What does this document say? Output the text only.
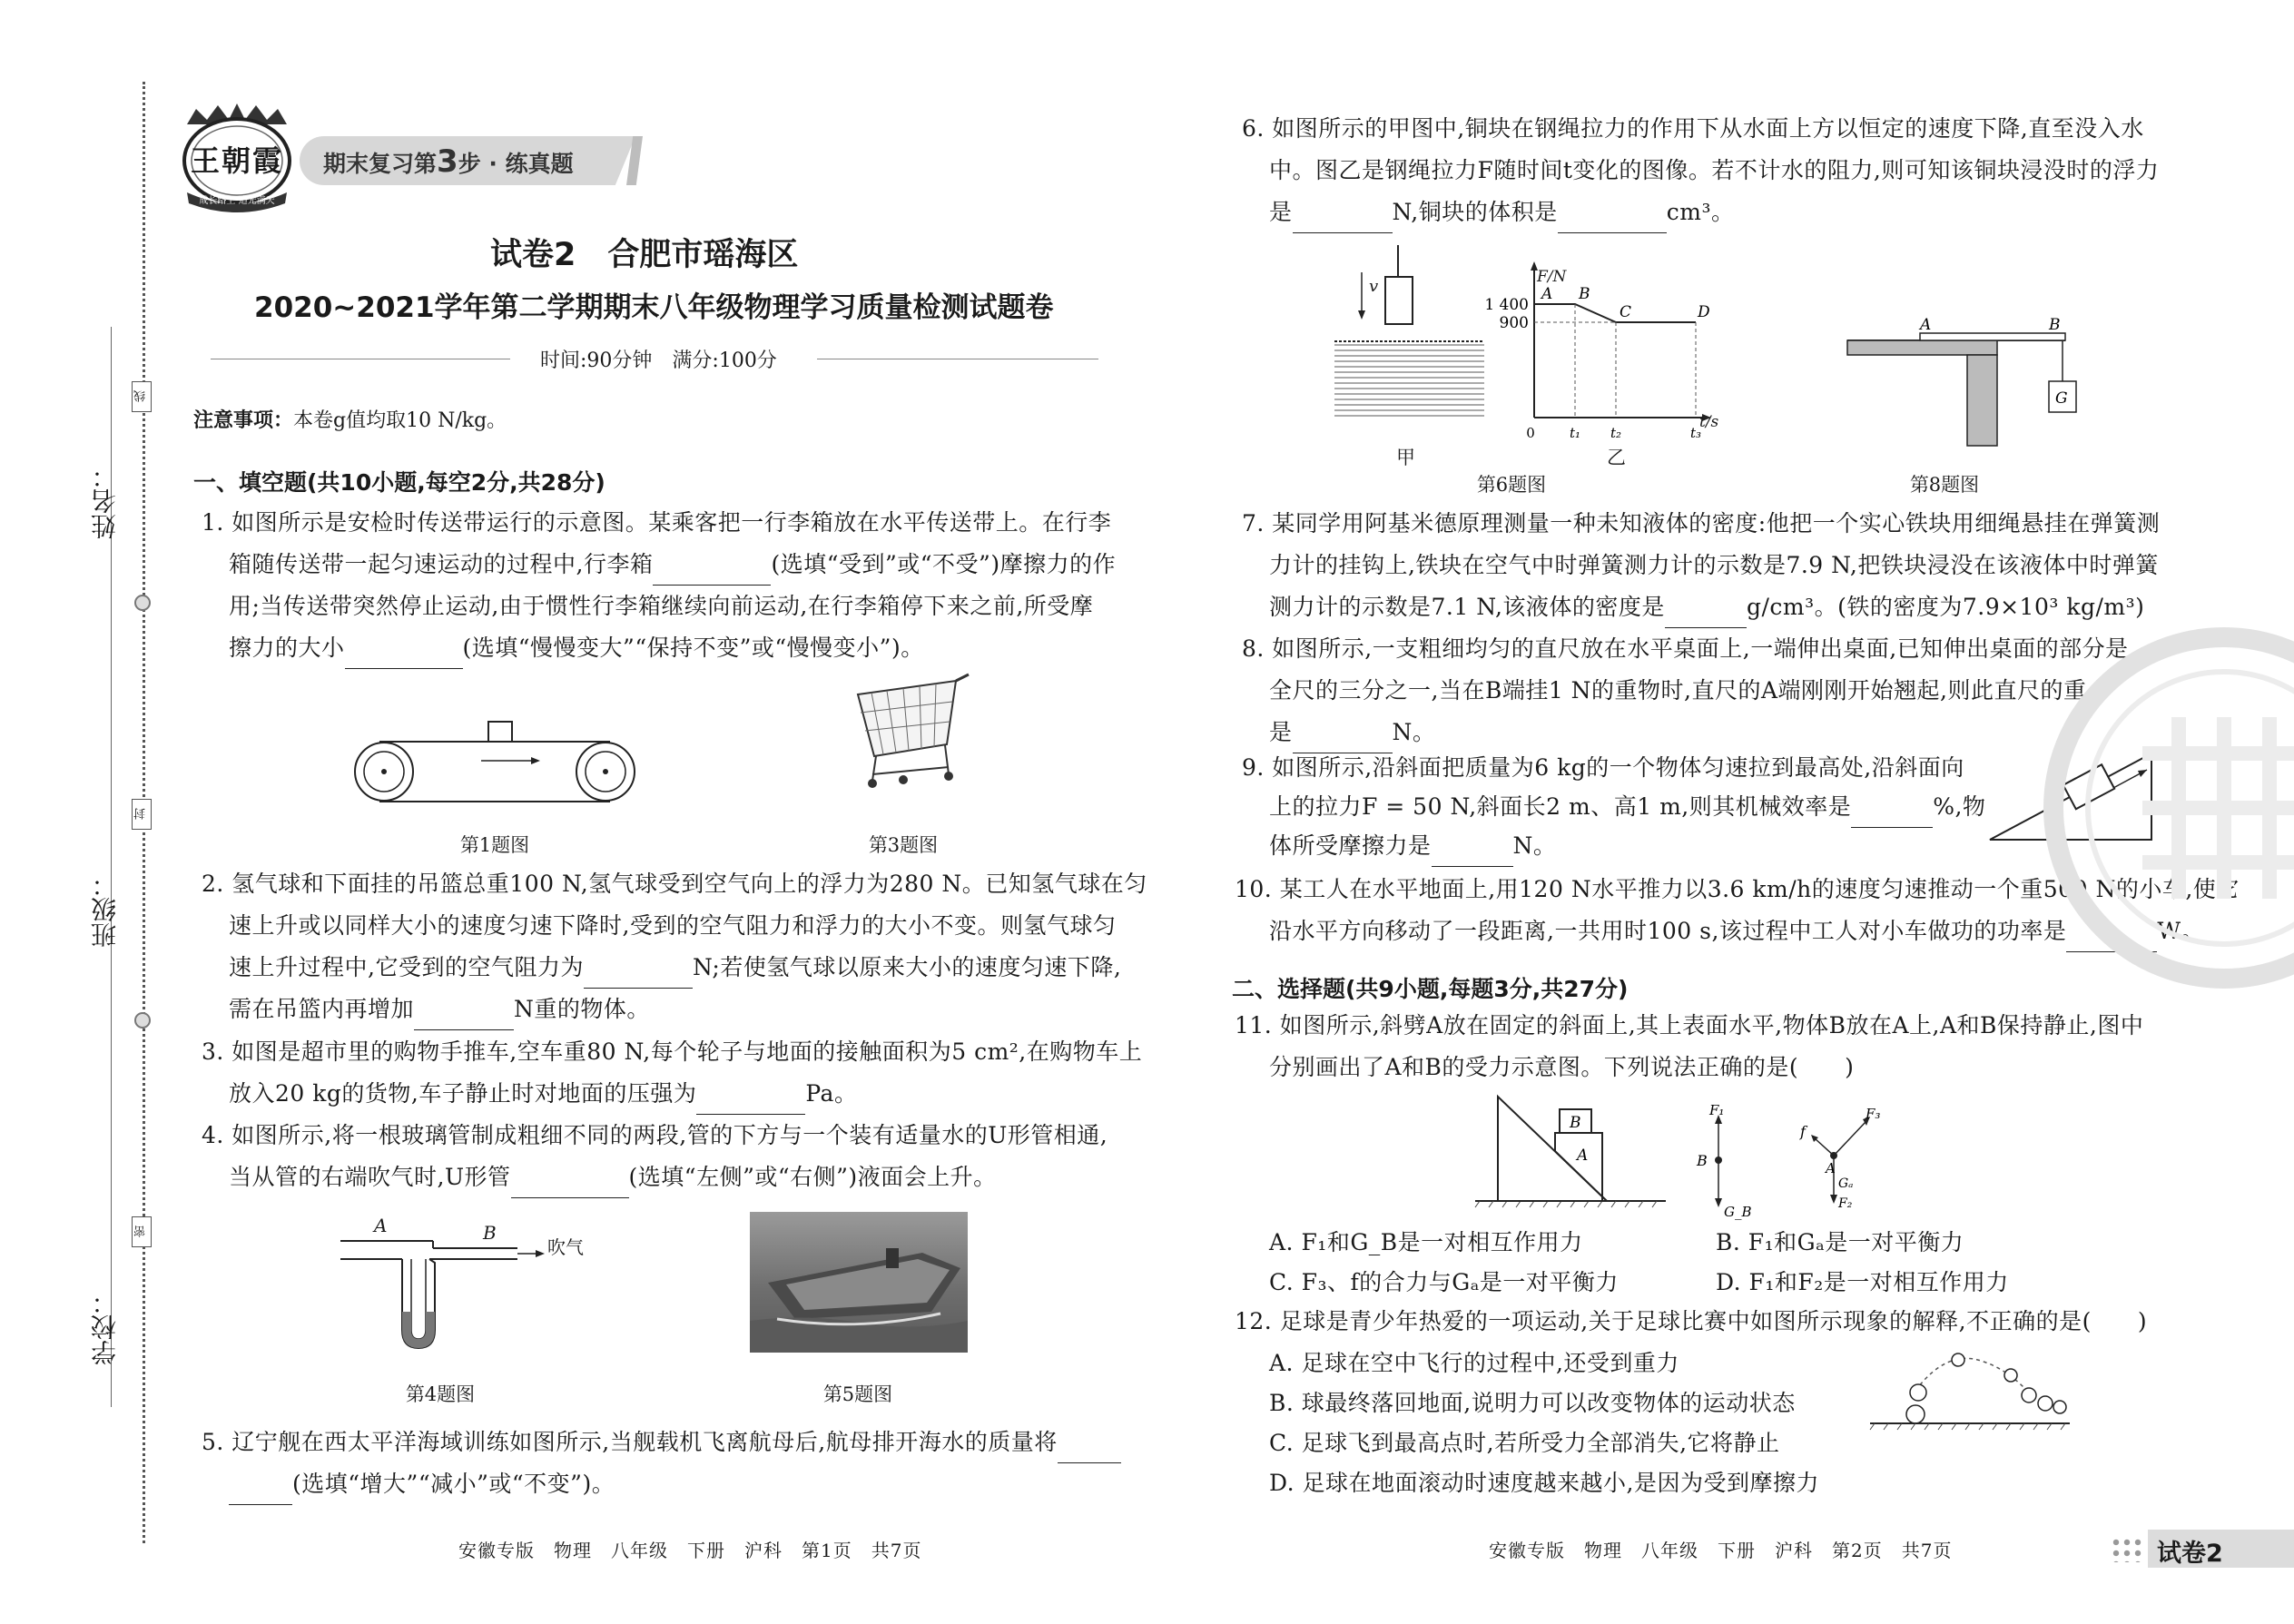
姓名：
班级：
学校：
线
封
密
王朝霞
成长路上 追光满天
期末复习第3步 · 练真题
试卷2　合肥市瑶海区
2020~2021学年第二学期期末八年级物理学习质量检测试题卷
时间:90分钟　满分:100分
注意事项：本卷g值均取10 N/kg。
一、填空题(共10小题,每空2分,共28分)
1. 如图所示是安检时传送带运行的示意图。某乘客把一行李箱放在水平传送带上。在行李
箱随传送带一起匀速运动的过程中,行李箱	(选填“受到”或“不受”)摩擦力的作
用;当传送带突然停止运动,由于惯性行李箱继续向前运动,在行李箱停下来之前,所受摩
擦力的大小	(选填“慢慢变大”“保持不变”或“慢慢变小”)。
第1题图	第3题图
2. 氢气球和下面挂的吊篮总重100 N,氢气球受到空气向上的浮力为280 N。已知氢气球在匀
速上升或以同样大小的速度匀速下降时,受到的空气阻力和浮力的大小不变。则氢气球匀
速上升过程中,它受到的空气阻力为	N;若使氢气球以原来大小的速度匀速下降,
需在吊篮内再增加	N重的物体。
3. 如图是超市里的购物手推车,空车重80 N,每个轮子与地面的接触面积为5 cm²,在购物车上
放入20 kg的货物,车子静止时对地面的压强为	Pa。
4. 如图所示,将一根玻璃管制成粗细不同的两段,管的下方与一个装有适量水的U形管相通,
当从管的右端吹气时,U形管	(选填“左侧”或“右侧”)液面会上升。
A	B
吹气
第4题图	第5题图
5. 辽宁舰在西太平洋海域训练如图所示,当舰载机飞离航母后,航母排开海水的质量将
(选填“增大”“减小”或“不变”)。
安徽专版　物理　八年级　下册　沪科　第1页　共7页
6. 如图所示的甲图中,铜块在钢绳拉力的作用下从水面上方以恒定的速度下降,直至没入水
中。图乙是钢绳拉力F随时间t变化的图像。若不计水的阻力,则可知该铜块浸没时的浮力
是	N,铜块的体积是	cm³。
v
甲
1 400
900
0	t₁ t₂	t₃
A B
C	D
F/N
t/s
乙
第6题图
G
A	B
第8题图
7. 某同学用阿基米德原理测量一种未知液体的密度:他把一个实心铁块用细绳悬挂在弹簧测
力计的挂钩上,铁块在空气中时弹簧测力计的示数是7.9 N,把铁块浸没在该液体中时弹簧
测力计的示数是7.1 N,该液体的密度是	g/cm³。(铁的密度为7.9×10³ kg/m³)
8. 如图所示,一支粗细均匀的直尺放在水平桌面上,一端伸出桌面,已知伸出桌面的部分是
全尺的三分之一,当在B端挂1 N的重物时,直尺的A端刚刚开始翘起,则此直尺的重
是	N。
9. 如图所示,沿斜面把质量为6 kg的一个物体匀速拉到最高处,沿斜面向
上的拉力F = 50 N,斜面长2 m、高1 m,则其机械效率是	%,物
体所受摩擦力是	N。
10. 某工人在水平地面上,用120 N水平推力以3.6 km/h的速度匀速推动一个重500 N的小车,使它
沿水平方向移动了一段距离,一共用时100 s,该过程中工人对小车做功的功率是	W。
二、选择题(共9小题,每题3分,共27分)
11. 如图所示,斜劈A放在固定的斜面上,其上表面水平,物体B放在A上,A和B保持静止,图中
分别画出了A和B的受力示意图。下列说法正确的是(　　)
B
A
F₁
B
G_B
F₃
f
A
Gₐ
F₂
A. F₁和G_B是一对相互作用力	B. F₁和Gₐ是一对平衡力
C. F₃、f的合力与Gₐ是一对平衡力	D. F₁和F₂是一对相互作用力
12. 足球是青少年热爱的一项运动,关于足球比赛中如图所示现象的解释,不正确的是(　　)
A. 足球在空中飞行的过程中,还受到重力
B. 球最终落回地面,说明力可以改变物体的运动状态
C. 足球飞到最高点时,若所受力全部消失,它将静止
D. 足球在地面滚动时速度越来越小,是因为受到摩擦力
安徽专版　物理　八年级　下册　沪科　第2页　共7页	试卷2
